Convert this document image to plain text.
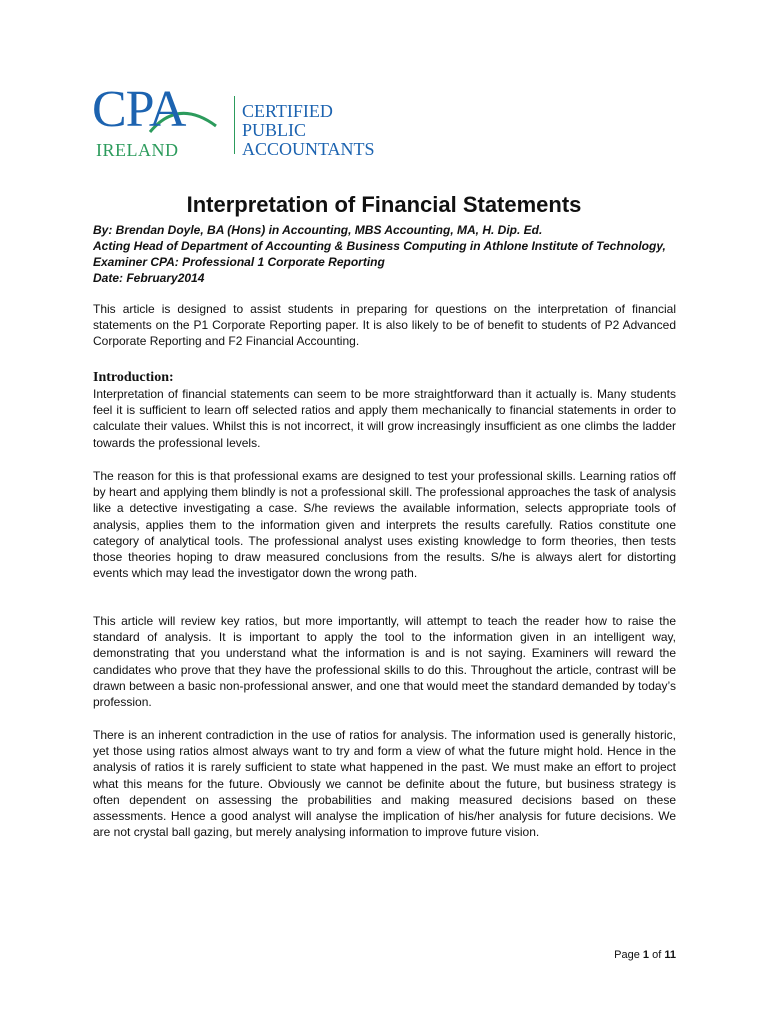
CPA
IRELAND
CERTIFIED
PUBLIC
ACCOUNTANTS
Interpretation of Financial Statements
By: Brendan Doyle, BA (Hons) in Accounting, MBS Accounting, MA, H. Dip. Ed.
Acting Head of Department of Accounting & Business Computing in Athlone Institute of Technology, Examiner CPA: Professional 1 Corporate Reporting
Date: February2014
This article is designed to assist students in preparing for questions on the interpretation of financial statements on the P1 Corporate Reporting paper. It is also likely to be of benefit to students of P2 Advanced Corporate Reporting and F2 Financial Accounting.
Introduction:
Interpretation of financial statements can seem to be more straightforward than it actually is. Many students feel it is sufficient to learn off selected ratios and apply them mechanically to financial statements in order to calculate their values. Whilst this is not incorrect, it will grow increasingly insufficient as one climbs the ladder towards the professional levels.
The reason for this is that professional exams are designed to test your professional skills. Learning ratios off by heart and applying them blindly is not a professional skill. The professional approaches the task of analysis like a detective investigating a case. S/he reviews the available information, selects appropriate tools of analysis, applies them to the information given and interprets the results carefully. Ratios constitute one category of analytical tools. The professional analyst uses existing knowledge to form theories, then tests those theories hoping to draw measured conclusions from the results. S/he is always alert for distorting events which may lead the investigator down the wrong path.
This article will review key ratios, but more importantly, will attempt to teach the reader how to raise the standard of analysis. It is important to apply the tool to the information given in an intelligent way, demonstrating that you understand what the information is and is not saying. Examiners will reward the candidates who prove that they have the professional skills to do this. Throughout the article, contrast will be drawn between a basic non-professional answer, and one that would meet the standard demanded by today’s profession.
There is an inherent contradiction in the use of ratios for analysis. The information used is generally historic, yet those using ratios almost always want to try and form a view of what the future might hold. Hence in the analysis of ratios it is rarely sufficient to state what happened in the past. We must make an effort to project what this means for the future. Obviously we cannot be definite about the future, but business strategy is often dependent on assessing the probabilities and making measured decisions based on these assessments. Hence a good analyst will analyse the implication of his/her analysis for future decisions. We are not crystal ball gazing, but merely analysing information to improve future vision.
Page 1 of 11
